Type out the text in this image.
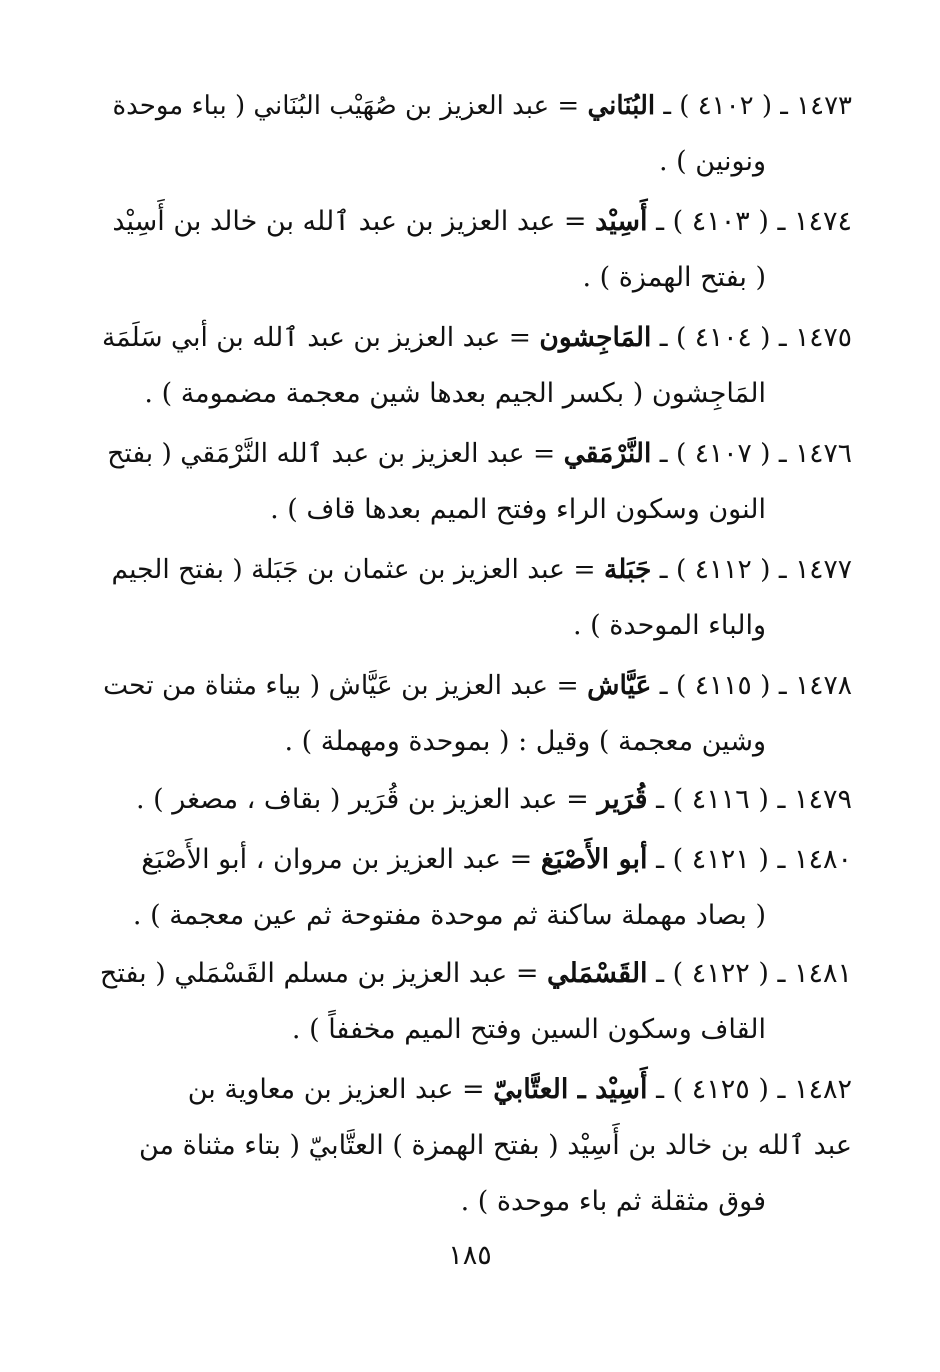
١٤٧٣ ـ ( ٤١٠٢ ) ـ البُنَاني = عبد العزيز بن صُهَيْب البُنَاني ( بباء موحدة
ونونين ) .
١٤٧٤ ـ ( ٤١٠٣ ) ـ أَسِيْد = عبد العزيز بن عبد ٱلله بن خالد بن أَسِيْد
( بفتح الهمزة ) .
١٤٧٥ ـ ( ٤١٠٤ ) ـ المَاجِشون = عبد العزيز بن عبد ٱلله بن أبي سَلَمَة
المَاجِشون ( بكسر الجيم بعدها شين معجمة مضمومة ) .
١٤٧٦ ـ ( ٤١٠٧ ) ـ النَّرْمَقي = عبد العزيز بن عبد ٱلله النَّرْمَقي ( بفتح
النون وسكون الراء وفتح الميم بعدها قاف ) .
١٤٧٧ ـ ( ٤١١٢ ) ـ جَبَلة = عبد العزيز بن عثمان بن جَبَلة ( بفتح الجيم
والباء الموحدة ) .
١٤٧٨ ـ ( ٤١١٥ ) ـ عَيَّاش = عبد العزيز بن عَيَّاش ( بياء مثناة من تحت
وشين معجمة ) وقيل : ( بموحدة ومهملة ) .
١٤٧٩ ـ ( ٤١١٦ ) ـ قُرَير = عبد العزيز بن قُرَير ( بقاف ، مصغر ) .
١٤٨٠ ـ ( ٤١٢١ ) ـ أبو الأَصْبَغ = عبد العزيز بن مروان ، أبو الأَصْبَغ
( بصاد مهملة ساكنة ثم موحدة مفتوحة ثم عين معجمة ) .
١٤٨١ ـ ( ٤١٢٢ ) ـ القَسْمَلي = عبد العزيز بن مسلم القَسْمَلي ( بفتح
القاف وسكون السين وفتح الميم مخففاً ) .
١٤٨٢ ـ ( ٤١٢٥ ) ـ أَسِيْد ـ العتَّابيّ = عبد العزيز بن معاوية بن
عبد ٱلله بن خالد بن أَسِيْد ( بفتح الهمزة ) العتَّابيّ ( بتاء مثناة من
فوق مثقلة ثم باء موحدة ) .
١٨٥
